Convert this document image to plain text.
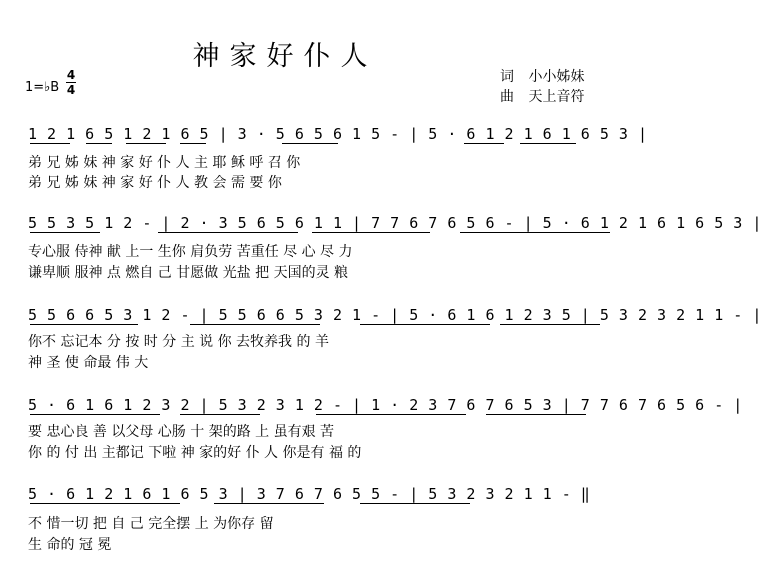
神家好仆人
词 小小姊妹
曲 天上音符
1=♭B
4
4
1 2 1 6 5 1 2 1 6 5 | 3 · 5 6 5 6 1 5 - | 5 · 6 1 2 1 6 1 6 5 3 |
弟 兄 姊 妹 神 家 好 仆 人 主 耶 稣 呼 召 你
弟 兄 姊 妹 神 家 好 仆 人 教 会 需 要 你
5 5 3 5 1 2 - | 2 · 3 5 6 5 6 1 1 | 7 7 6 7 6 5 6 - | 5 · 6 1 2 1 6 1 6 5 3 |
专心服 侍神 献 上一 生你 肩负劳 苦重任 尽 心 尽 力
谦卑顺 服神 点 燃自 己 甘愿做 光盐 把 天国的灵 粮
5 5 6 6 5 3 1 2 - | 5 5 6 6 5 3 2 1 - | 5 · 6 1 6 1 2 3 5 | 5 3 2 3 2 1 1 - |
你不 忘记本 分 按 时 分 主 说 你 去牧养我 的 羊
神 圣 使 命最 伟 大
5 · 6 1 6 1 2 3 2 | 5 3 2 3 1 2 - | 1 · 2 3 7 6 7 6 5 3 | 7 7 6 7 6 5 6 - |
要 忠心良 善 以父母 心肠 十 架的路 上 虽有艰 苦
你 的 付 出 主都记 下啦 神 家的好 仆 人 你是有 福 的
5 · 6 1 2 1 6 1 6 5 3 | 3 7 6 7 6 5 5 - | 5 3 2 3 2 1 1 - ‖
不 惜一切 把 自 己 完全摆 上 为你存 留
生 命的 冠 冕
